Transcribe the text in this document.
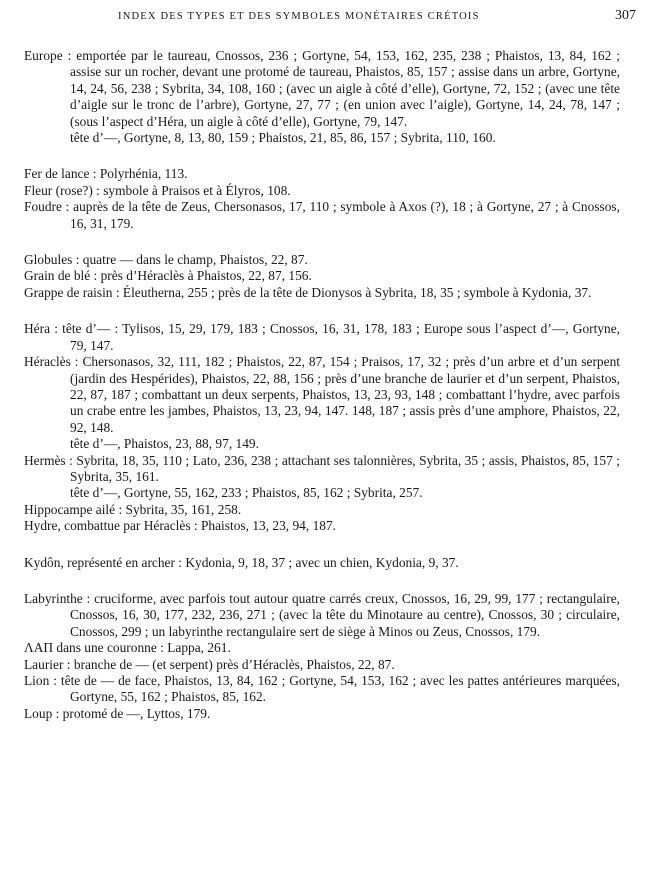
INDEX DES TYPES ET DES SYMBOLES MONÉTAIRES CRÉTOIS	307

Europe : emportée par le taureau, Cnossos, 236 ; Gortyne, 54, 153, 162, 235, 238 ; Phaistos, 13, 84, 162 ; assise sur un rocher, devant une protomé de taureau, Phaistos, 85, 157 ; assise dans un arbre, Gortyne, 14, 24, 56, 238 ; Sybrita, 34, 108, 160 ; (avec un aigle à côté d’elle), Gortyne, 72, 152 ; (avec une tête d’aigle sur le tronc de l’arbre), Gortyne, 27, 77 ; (en union avec l’aigle), Gortyne, 14, 24, 78, 147 ; (sous l’aspect d’Héra, un aigle à côté d’elle), Gortyne, 79, 147.

tête d’—, Gortyne, 8, 13, 80, 159 ; Phaistos, 21, 85, 86, 157 ; Sybrita, 110, 160.

Fer de lance : Polyrhénia, 113.

Fleur (rose?) : symbole à Praisos et à Élyros, 108.

Foudre : auprès de la tête de Zeus, Chersonasos, 17, 110 ; symbole à Axos (?), 18 ; à Gortyne, 27 ; à Cnossos, 16, 31, 179.

Globules : quatre — dans le champ, Phaistos, 22, 87.

Grain de blé : près d’Héraclès à Phaistos, 22, 87, 156.

Grappe de raisin : Éleutherna, 255 ; près de la tête de Dionysos à Sybrita, 18, 35 ; symbole à Kydonia, 37.

Héra : tête d’— : Tylisos, 15, 29, 179, 183 ; Cnossos, 16, 31, 178, 183 ; Europe sous l’aspect d’—, Gortyne, 79, 147.

Héraclès : Chersonasos, 32, 111, 182 ; Phaistos, 22, 87, 154 ; Praisos, 17, 32 ; près d’un arbre et d’un serpent (jardin des Hespérides), Phaistos, 22, 88, 156 ; près d’une branche de laurier et d’un serpent, Phaistos, 22, 87, 187 ; combattant un deux serpents, Phaistos, 13, 23, 93, 148 ; combattant l’hydre, avec parfois un crabe entre les jambes, Phaistos, 13, 23, 94, 147. 148, 187 ; assis près d’une amphore, Phaistos, 22, 92, 148.

tête d’—, Phaistos, 23, 88, 97, 149.

Hermès : Sybrita, 18, 35, 110 ; Lato, 236, 238 ; attachant ses talonnières, Sybrita, 35 ; assis, Phaistos, 85, 157 ; Sybrita, 35, 161.

tête d’—, Gortyne, 55, 162, 233 ; Phaistos, 85, 162 ; Sybrita, 257.

Hippocampe ailé : Sybrita, 35, 161, 258.

Hydre, combattue par Héraclès : Phaistos, 13, 23, 94, 187.

Kydôn, représenté en archer : Kydonia, 9, 18, 37 ; avec un chien, Kydonia, 9, 37.

Labyrinthe : cruciforme, avec parfois tout autour quatre carrés creux, Cnossos, 16, 29, 99, 177 ; rectangulaire, Cnossos, 16, 30, 177, 232, 236, 271 ; (avec la tête du Minotaure au centre), Cnossos, 30 ; circulaire, Cnossos, 299 ; un labyrinthe rectangulaire sert de siège à Minos ou Zeus, Cnossos, 179.

ΛΑΠ dans une couronne : Lappa, 261.

Laurier : branche de — (et serpent) près d’Héraclès, Phaistos, 22, 87.

Lion : tête de — de face, Phaistos, 13, 84, 162 ; Gortyne, 54, 153, 162 ; avec les pattes antérieures marquées, Gortyne, 55, 162 ; Phaistos, 85, 162.

Loup : protomé de —, Lyttos, 179.
